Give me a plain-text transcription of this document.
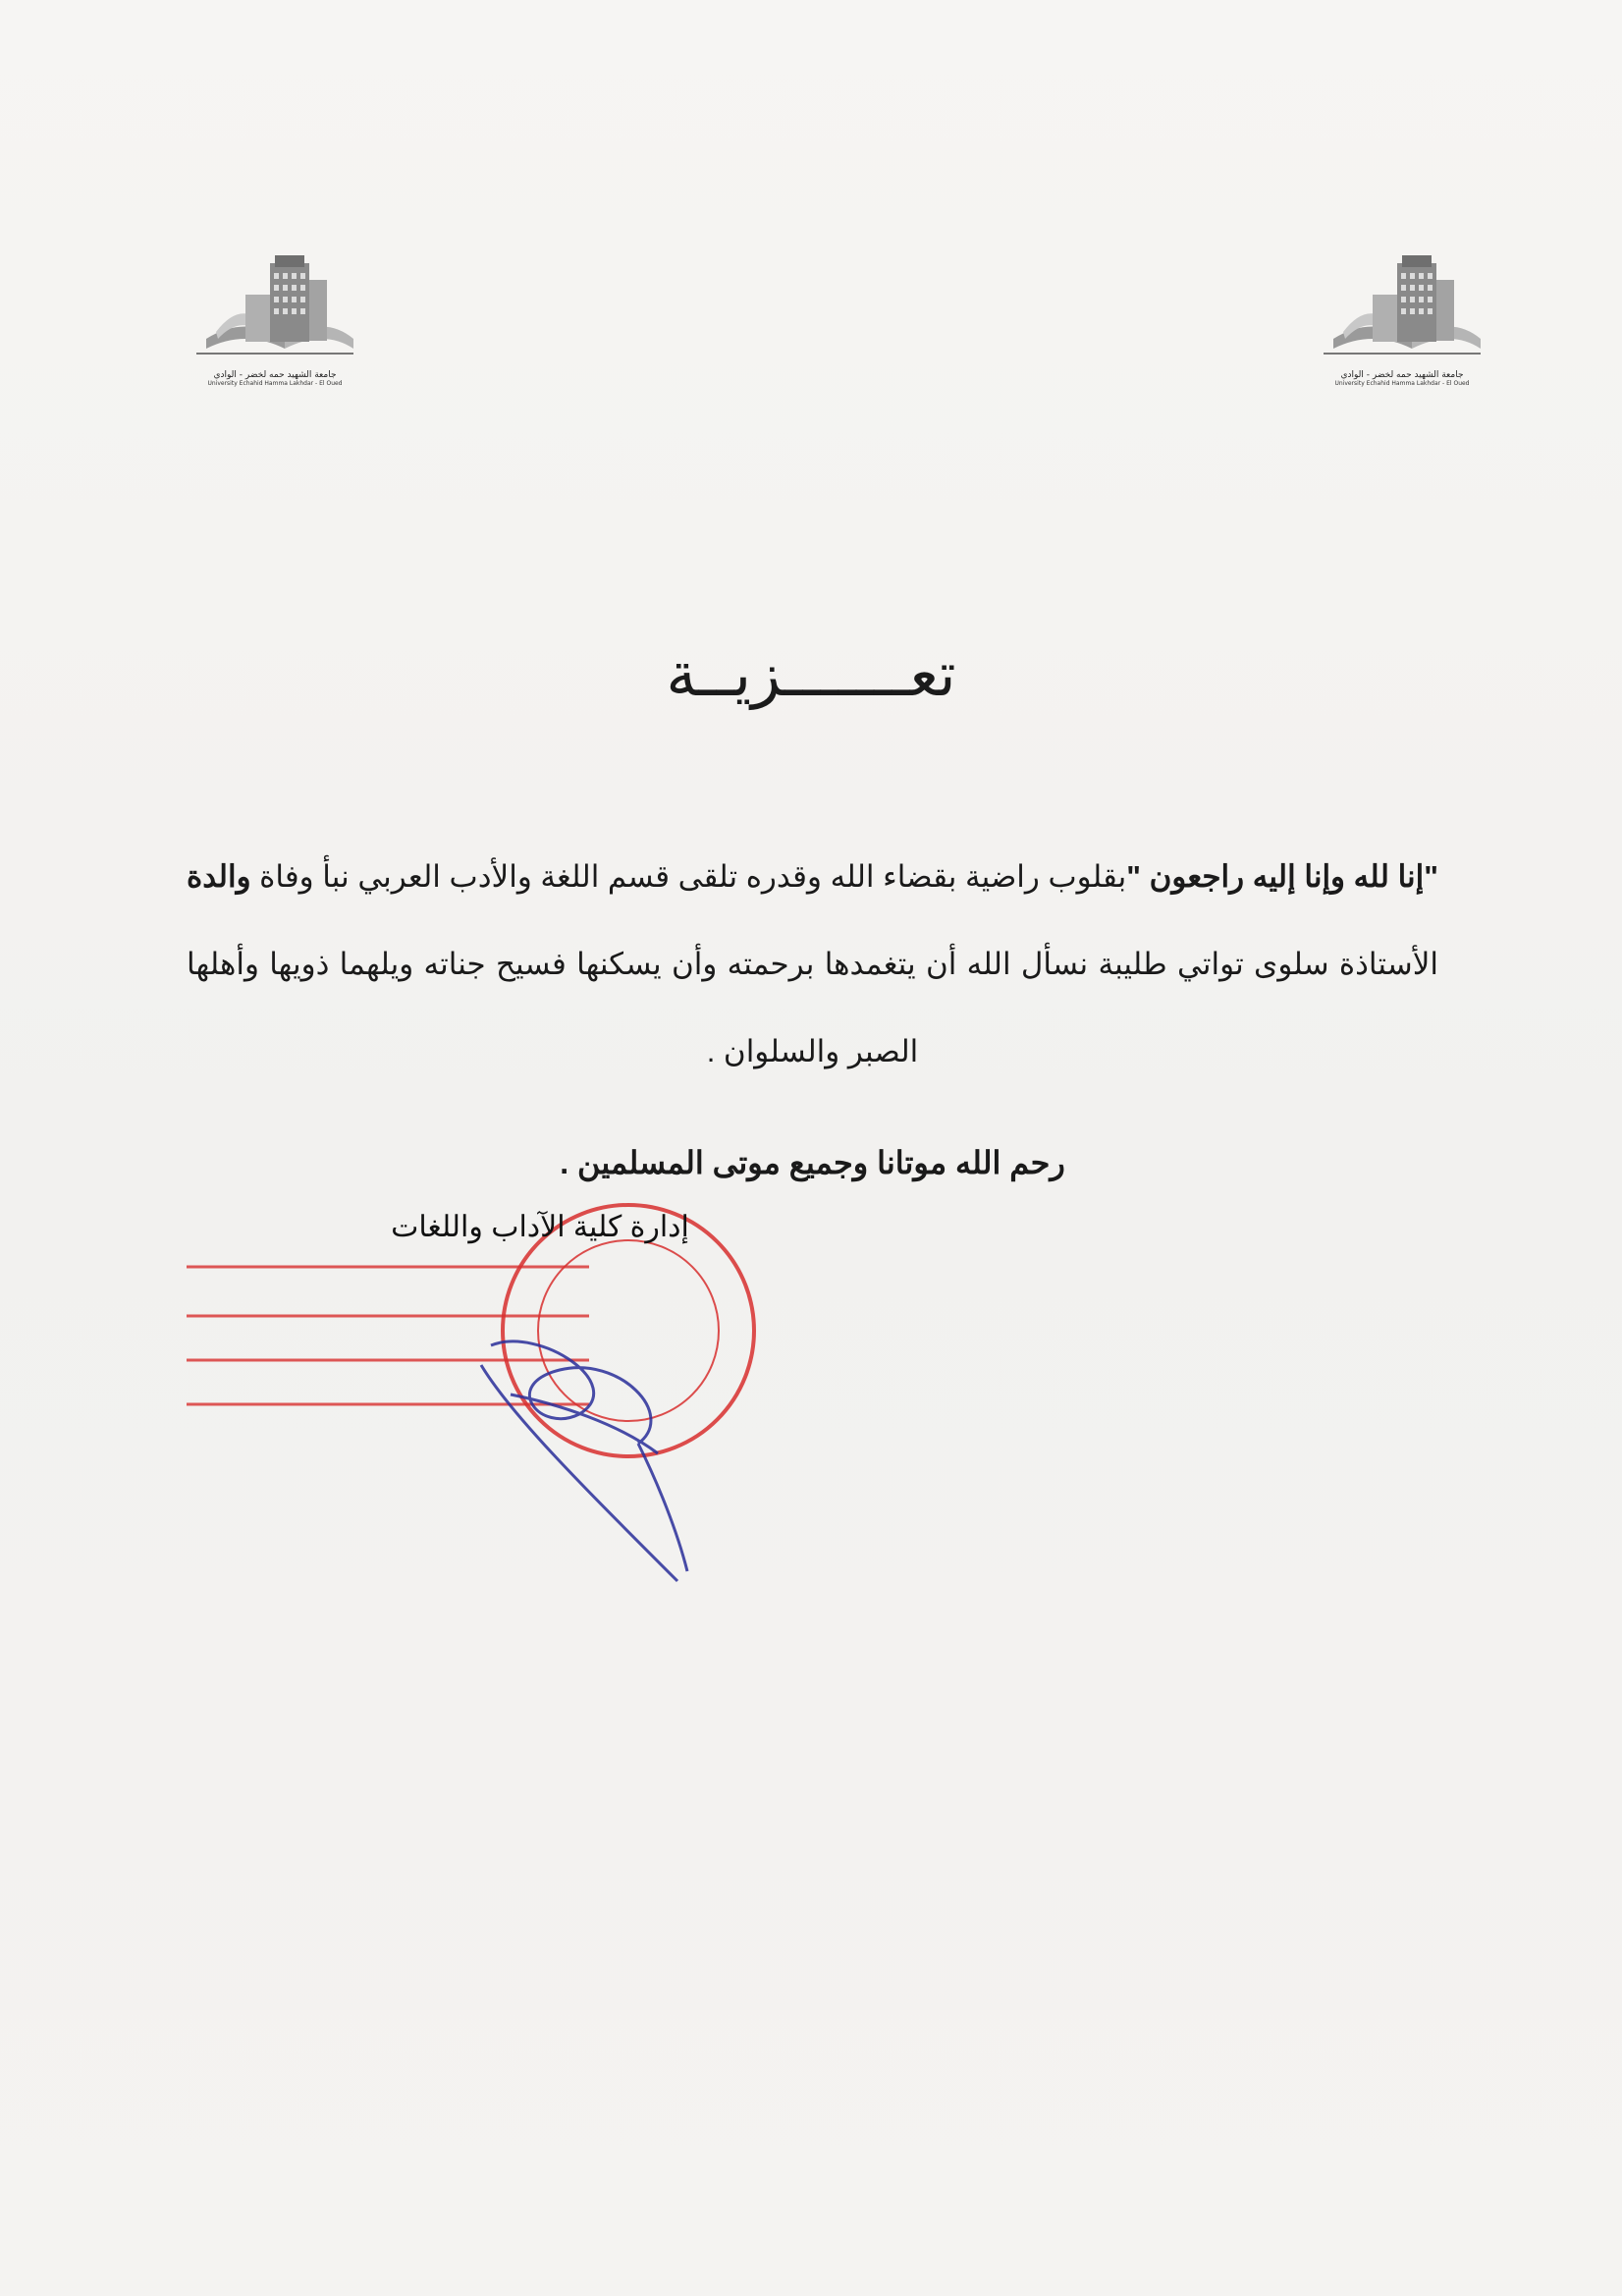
جامعة الشهيد حمه لخضر - الوادي
University Echahid Hamma Lakhdar - El Oued
جامعة الشهيد حمه لخضر - الوادي
University Echahid Hamma Lakhdar - El Oued
تعـــــــزيــة
"إنا لله وإنا إليه راجعون "بقلوب راضية بقضاء الله وقدره تلقى قسم اللغة والأدب العربي نبأ وفاة والدة الأستاذة سلوى تواتي طليبة نسأل الله أن يتغمدها برحمته وأن يسكنها فسيح جناته ويلهما ذويها وأهلها الصبر والسلوان .
رحم الله موتانا وجميع موتى المسلمين .
إدارة كلية الآداب واللغات
